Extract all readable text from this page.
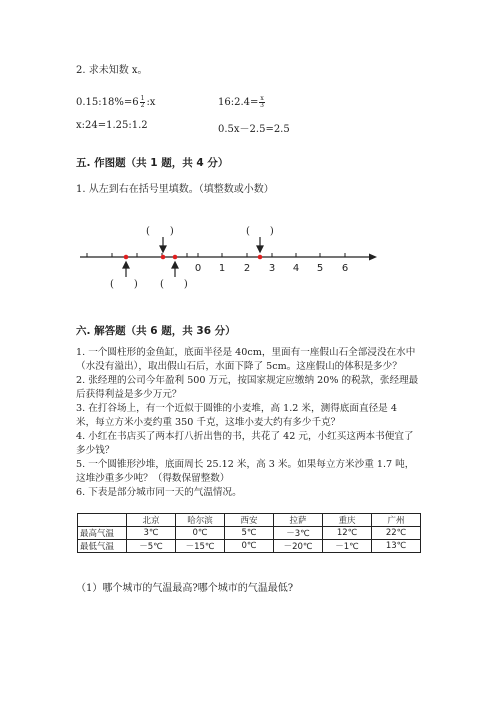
2. 求未知数 x。
0.15:18%=6 $\frac{1}{2}$ :x	16:2.4= $\frac{x}{3}$
x:24=1.25:1.2	0.5x－2.5=2.5
五. 作图题（共 1 题，共 4 分）
1. 从左到右在括号里填数。（填整数或小数）
(　　)	(　　)
(　　) (　　)
0 1 2 3 4 5 6
六. 解答题（共 6 题，共 36 分）
1. 一个圆柱形的金鱼缸，底面半径是 40cm，里面有一座假山石全部浸没在水中
（水没有溢出），取出假山石后，水面下降了 5cm。这座假山的体积是多少？
2. 张经理的公司今年盈利 500 万元，按国家规定应缴纳 20% 的税款，张经理最
后获得利益是多少万元？
3. 在打谷场上，有一个近似于圆锥的小麦堆，高 1.2 米，测得底面直径是 4
米，每立方米小麦约重 350 千克，这堆小麦大约有多少千克？
4. 小红在书店买了两本打八折出售的书，共花了 42 元，小红买这两本书便宜了
多少钱？
5. 一个圆锥形沙堆，底面周长 25.12 米，高 3 米。如果每立方米沙重 1.7 吨，
这堆沙重多少吨？（得数保留整数）
6. 下表是部分城市同一天的气温情况。
	北京	哈尔滨	西安	拉萨	重庆	广州
最高气温	3℃	0℃	5℃	－3℃	12℃	22℃
最低气温	－5℃	－15℃	0℃	－20℃	－1℃	13℃
（1）哪个城市的气温最高?哪个城市的气温最低?
